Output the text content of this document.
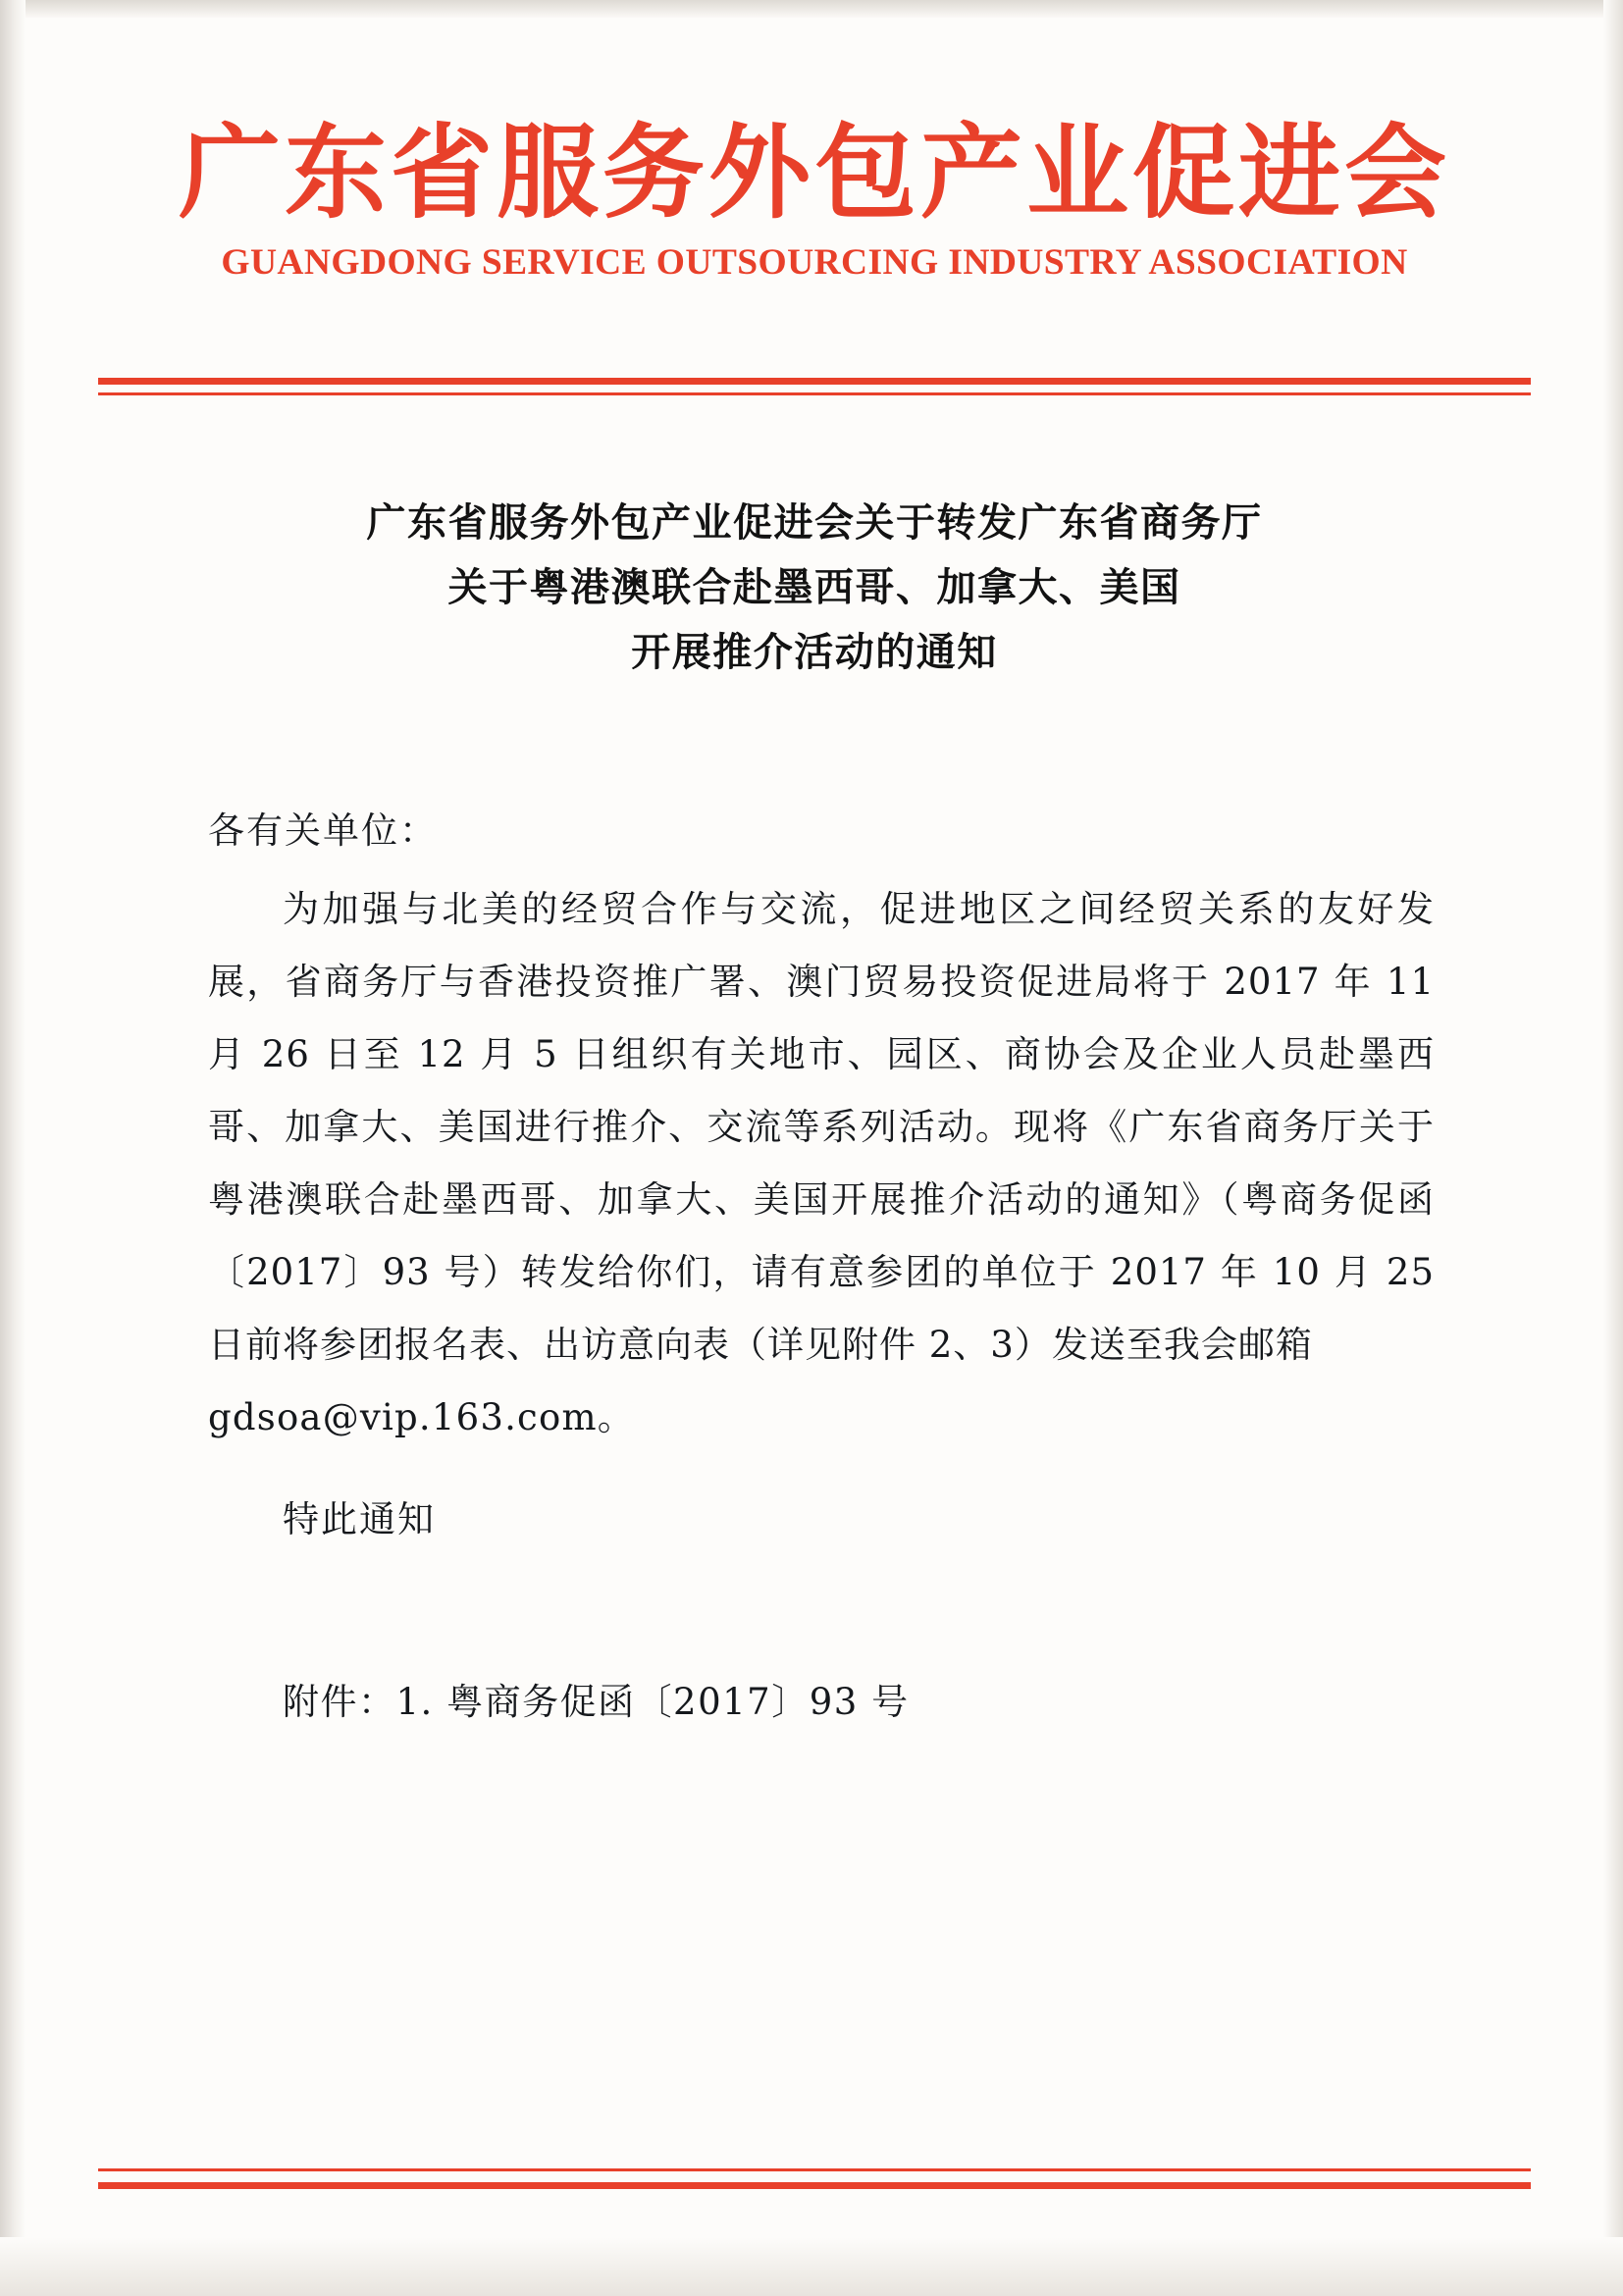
广东省服务外包产业促进会
GUANGDONG SERVICE OUTSOURCING INDUSTRY ASSOCIATION
广东省服务外包产业促进会关于转发广东省商务厅
关于粤港澳联合赴墨西哥、加拿大、美国
开展推介活动的通知

各有关单位：

为加强与北美的经贸合作与交流，促进地区之间经贸关系的友好发展，省商务厅与香港投资推广署、澳门贸易投资促进局将于 2017 年 11 月 26 日至 12 月 5 日组织有关地市、园区、商协会及企业人员赴墨西哥、加拿大、美国进行推介、交流等系列活动。现将《广东省商务厅关于粤港澳联合赴墨西哥、加拿大、美国开展推介活动的通知》（粤商务促函〔2017〕93 号）转发给你们，请有意参团的单位于 2017 年 10 月 25 日前将参团报名表、出访意向表（详见附件 2、3）发送至我会邮箱

gdsoa@vip.163.com。

特此通知

附件：1. 粤商务促函〔2017〕93 号
